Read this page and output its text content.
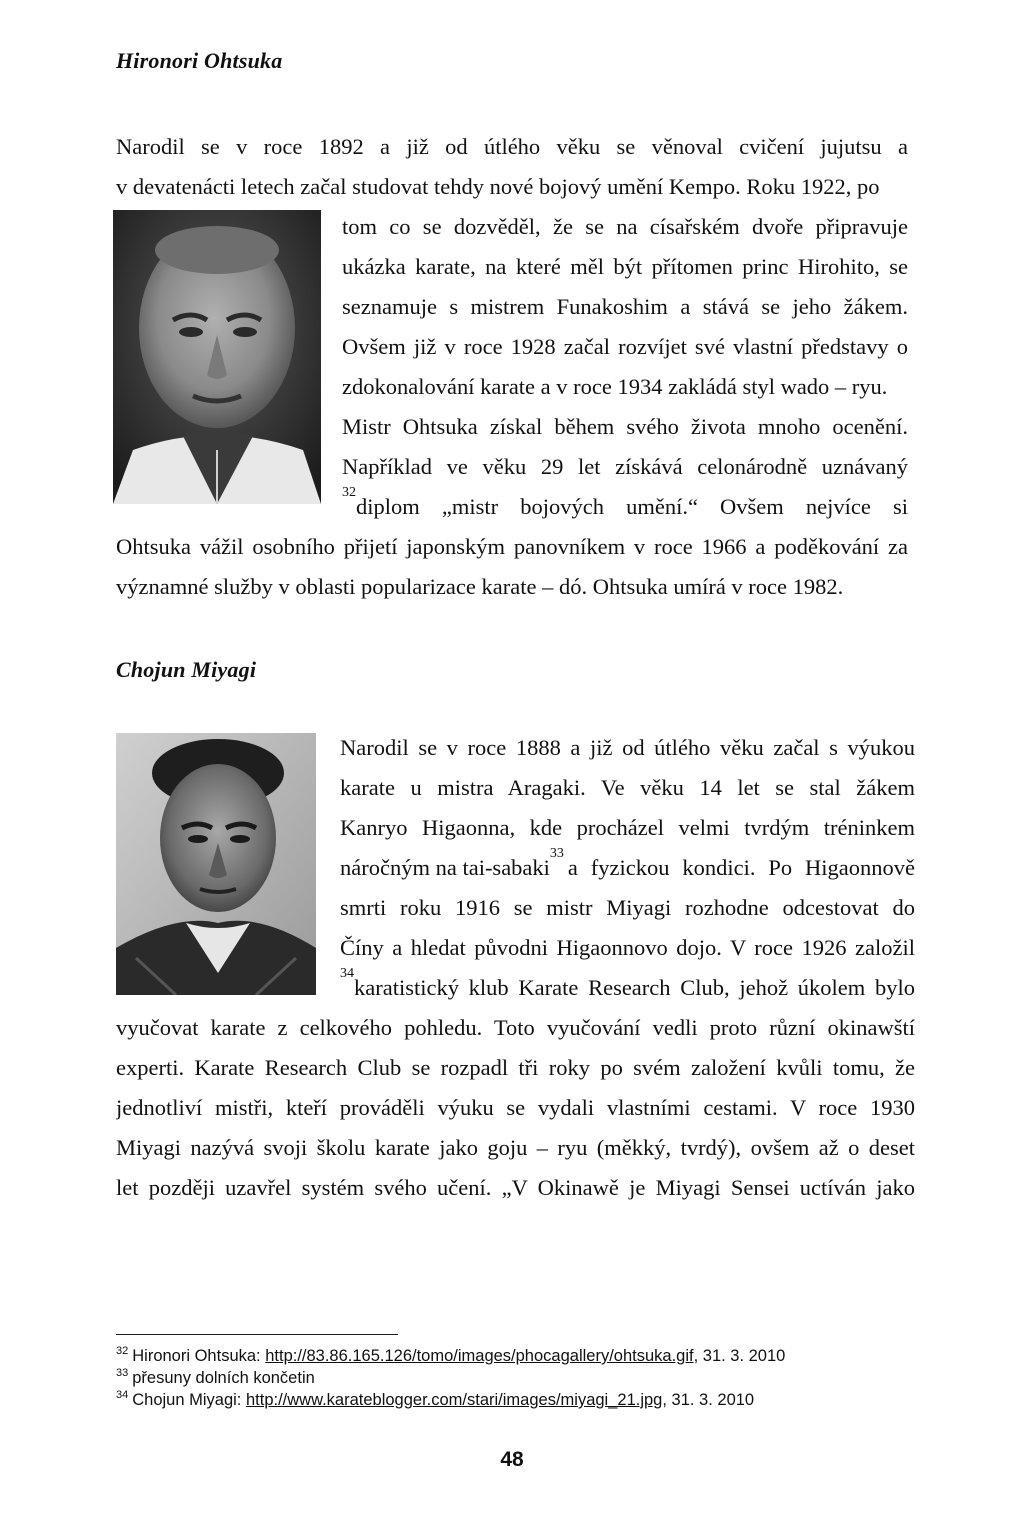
Hironori Ohtsuka
Narodil se v roce 1892 a již od útlého věku se věnoval cvičení jujutsu a
v devatenácti letech začal studovat tehdy nové bojový umění Kempo. Roku 1922, po
tom co se dozvěděl, že se na císařském dvoře připravuje
ukázka karate, na které měl být přítomen princ Hirohito, se
seznamuje s mistrem Funakoshim a stává se jeho žákem.
Ovšem již v roce 1928 začal rozvíjet své vlastní představy o
zdokonalování karate a v roce 1934 zakládá styl wado – ryu.
Mistr Ohtsuka získal během svého života mnoho ocenění.
Například ve věku 29 let získává celonárodně uznávaný
32
diplom „mistr bojových umění.“ Ovšem nejvíce si
Ohtsuka vážil osobního přijetí japonským panovníkem v roce 1966 a poděkování za
významné služby v oblasti popularizace karate – dó. Ohtsuka umírá v roce 1982.
Chojun Miyagi
Narodil se v roce 1888 a již od útlého věku začal s výukou
karate u mistra Aragaki. Ve věku 14 let se stal žákem
Kanryo Higaonna, kde procházel velmi tvrdým tréninkem
náročným na tai-sabaki
33
a fyzickou kondici. Po Higaonnově
smrti roku 1916 se mistr Miyagi rozhodne odcestovat do
Číny a hledat původni Higaonnovo dojo. V roce 1926 založil
34
karatistický klub Karate Research Club, jehož úkolem bylo
vyučovat karate z celkového pohledu. Toto vyučování vedli proto různí okinawští
experti. Karate Research Club se rozpadl tři roky po svém založení kvůli tomu, že
jednotliví mistři, kteří prováděli výuku se vydali vlastními cestami. V roce 1930
Miyagi nazývá svoji školu karate jako goju – ryu (měkký, tvrdý), ovšem až o deset
let později uzavřel systém svého učení. „V Okinawě je Miyagi Sensei uctíván jako
$^{32}$ Hironori Ohtsuka: http://83.86.165.126/tomo/images/phocagallery/ohtsuka.gif, 31. 3. 2010
$^{33}$ přesuny dolních končetin
$^{34}$ Chojun Miyagi: http://www.karateblogger.com/stari/images/miyagi_21.jpg, 31. 3. 2010
48
